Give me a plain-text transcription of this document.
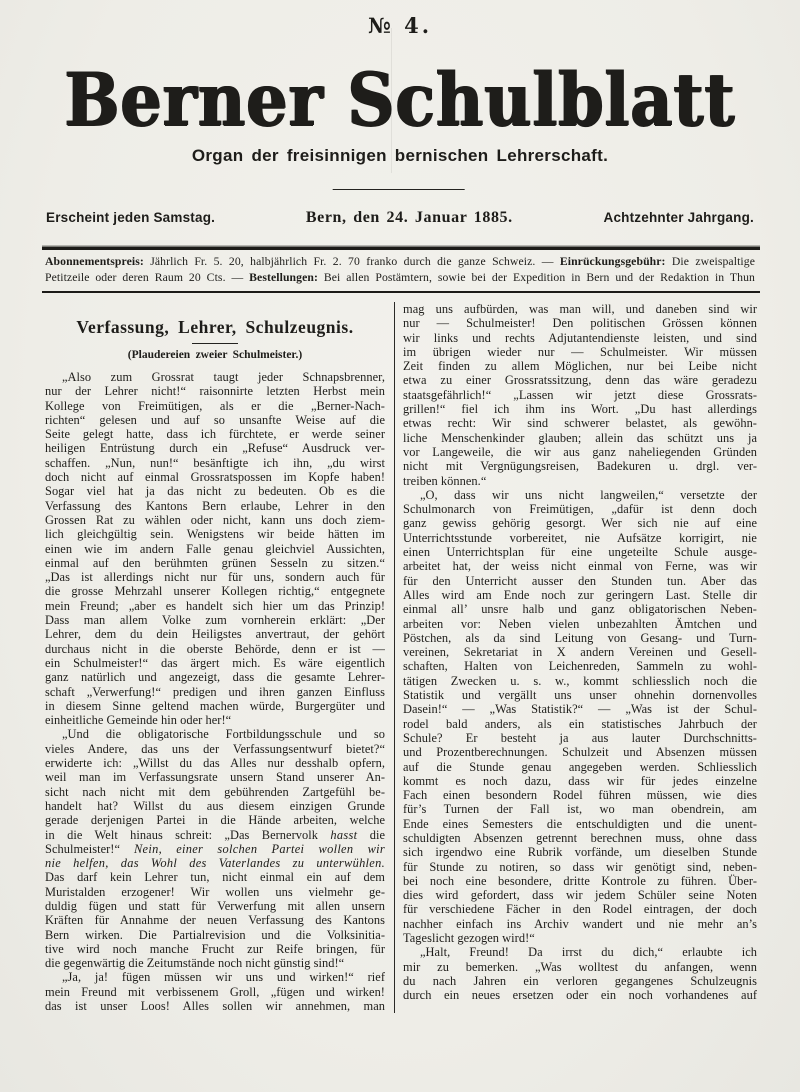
№ 4.
Berner Schulblatt
Organ der freisinnigen bernischen Lehrerschaft.
Erscheint jeden Samstag.	Bern, den 24. Januar 1885.	Achtzehnter Jahrgang.
Abonnementspreis: Jährlich Fr. 5. 20, halbjährlich Fr. 2. 70 franko durch die ganze Schweiz. — Einrückungsgebühr: Die zweispaltige
Petitzeile oder deren Raum 20 Cts. — Bestellungen: Bei allen Postämtern, sowie bei der Expedition in Bern und der Redaktion in Thun
Verfassung, Lehrer, Schulzeugnis.
(Plaudereien zweier Schulmeister.)
„Also zum Grossrat taugt jeder Schnapsbrenner,
nur der Lehrer nicht!“ raisonnirte letzten Herbst mein
Kollege von Freimütigen, als er die „Berner-Nach-
richten“ gelesen und auf so unsanfte Weise auf die
Seite gelegt hatte, dass ich fürchtete, er werde seiner
heiligen Entrüstung durch ein „Refuse“ Ausdruck ver-
schaffen. „Nun, nun!“ besänftigte ich ihn, „du wirst
doch nicht auf einmal Grossratspossen im Kopfe haben!
Sogar viel hat ja das nicht zu bedeuten. Ob es die
Verfassung des Kantons Bern erlaube, Lehrer in den
Grossen Rat zu wählen oder nicht, kann uns doch ziem-
lich gleichgültig sein. Wenigstens wir beide hätten im
einen wie im andern Falle genau gleichviel Aussichten,
einmal auf den berühmten grünen Sesseln zu sitzen.“
„Das ist allerdings nicht nur für uns, sondern auch für
die grosse Mehrzahl unserer Kollegen richtig,“ entgegnete
mein Freund; „aber es handelt sich hier um das Prinzip!
Dass man allem Volke zum vornherein erklärt: „Der
Lehrer, dem du dein Heiligstes anvertraut, der gehört
durchaus nicht in die oberste Behörde, denn er ist —
ein Schulmeister!“ das ärgert mich. Es wäre eigentlich
ganz natürlich und angezeigt, dass die gesamte Lehrer-
schaft „Verwerfung!“ predigen und ihren ganzen Einfluss
in diesem Sinne geltend machen würde, Burgergüter und
einheitliche Gemeinde hin oder her!“
„Und die obligatorische Fortbildungsschule und so
vieles Andere, das uns der Verfassungsentwurf bietet?“
erwiderte ich: „Willst du das Alles nur desshalb opfern,
weil man im Verfassungsrate unsern Stand unserer An-
sicht nach nicht mit dem gebührenden Zartgefühl be-
handelt hat? Willst du aus diesem einzigen Grunde
gerade derjenigen Partei in die Hände arbeiten, welche
in die Welt hinaus schreit: „Das Bernervolk hasst die
Schulmeister!“ Nein, einer solchen Partei wollen wir
nie helfen, das Wohl des Vaterlandes zu unterwühlen.
Das darf kein Lehrer tun, nicht einmal ein auf dem
Muristalden erzogener! Wir wollen uns vielmehr ge-
duldig fügen und statt für Verwerfung mit allen unsern
Kräften für Annahme der neuen Verfassung des Kantons
Bern wirken. Die Partialrevision und die Volksinitia-
tive wird noch manche Frucht zur Reife bringen, für
die gegenwärtig die Zeitumstände noch nicht günstig sind!“
„Ja, ja! fügen müssen wir uns und wirken!“ rief
mein Freund mit verbissenem Groll, „fügen und wirken!
das ist unser Loos! Alles sollen wir annehmen, man
mag uns aufbürden, was man will, und daneben sind wir
nur — Schulmeister! Den politischen Grössen können
wir links und rechts Adjutantendienste leisten, und sind
im übrigen wieder nur — Schulmeister. Wir müssen
Zeit finden zu allem Möglichen, nur bei Leibe nicht
etwa zu einer Grossratssitzung, denn das wäre geradezu
staatsgefährlich!“ „Lassen wir jetzt diese Grossrats-
grillen!“ fiel ich ihm ins Wort. „Du hast allerdings
etwas recht: Wir sind schwerer belastet, als gewöhn-
liche Menschenkinder glauben; allein das schützt uns ja
vor Langeweile, die wir aus ganz naheliegenden Gründen
nicht mit Vergnügungsreisen, Badekuren u. drgl. ver-
treiben können.“
„O, dass wir uns nicht langweilen,“ versetzte der
Schulmonarch von Freimütigen, „dafür ist denn doch
ganz gewiss gehörig gesorgt. Wer sich nie auf eine
Unterrichtsstunde vorbereitet, nie Aufsätze korrigirt, nie
einen Unterrichtsplan für eine ungeteilte Schule ausge-
arbeitet hat, der weiss nicht einmal von Ferne, was wir
für den Unterricht ausser den Stunden tun. Aber das
Alles wird am Ende noch zur geringern Last. Stelle dir
einmal all’ unsre halb und ganz obligatorischen Neben-
arbeiten vor: Neben vielen unbezahlten Ämtchen und
Pöstchen, als da sind Leitung von Gesang- und Turn-
vereinen, Sekretariat in X andern Vereinen und Gesell-
schaften, Halten von Leichenreden, Sammeln zu wohl-
tätigen Zwecken u. s. w., kommt schliesslich noch die
Statistik und vergällt uns unser ohnehin dornenvolles
Dasein!“ — „Was Statistik?“ — „Was ist der Schul-
rodel bald anders, als ein statistisches Jahrbuch der
Schule? Er besteht ja aus lauter Durchschnitts-
und Prozentberechnungen. Schulzeit und Absenzen müssen
auf die Stunde genau angegeben werden. Schliesslich
kommt es noch dazu, dass wir für jedes einzelne
Fach einen besondern Rodel führen müssen, wie dies
für’s Turnen der Fall ist, wo man obendrein, am
Ende eines Semesters die entschuldigten und die unent-
schuldigten Absenzen getrennt berechnen muss, ohne dass
sich irgendwo eine Rubrik vorfände, um dieselben Stunde
für Stunde zu notiren, so dass wir genötigt sind, neben-
bei noch eine besondere, dritte Kontrole zu führen. Über-
dies wird gefordert, dass wir jedem Schüler seine Noten
für verschiedene Fächer in den Rodel eintragen, der doch
nachher einfach ins Archiv wandert und nie mehr an’s
Tageslicht gezogen wird!“
„Halt, Freund! Da irrst du dich,“ erlaubte ich
mir zu bemerken. „Was wolltest du anfangen, wenn
du nach Jahren ein verloren gegangenes Schulzeugnis
durch ein neues ersetzen oder ein noch vorhandenes auf
